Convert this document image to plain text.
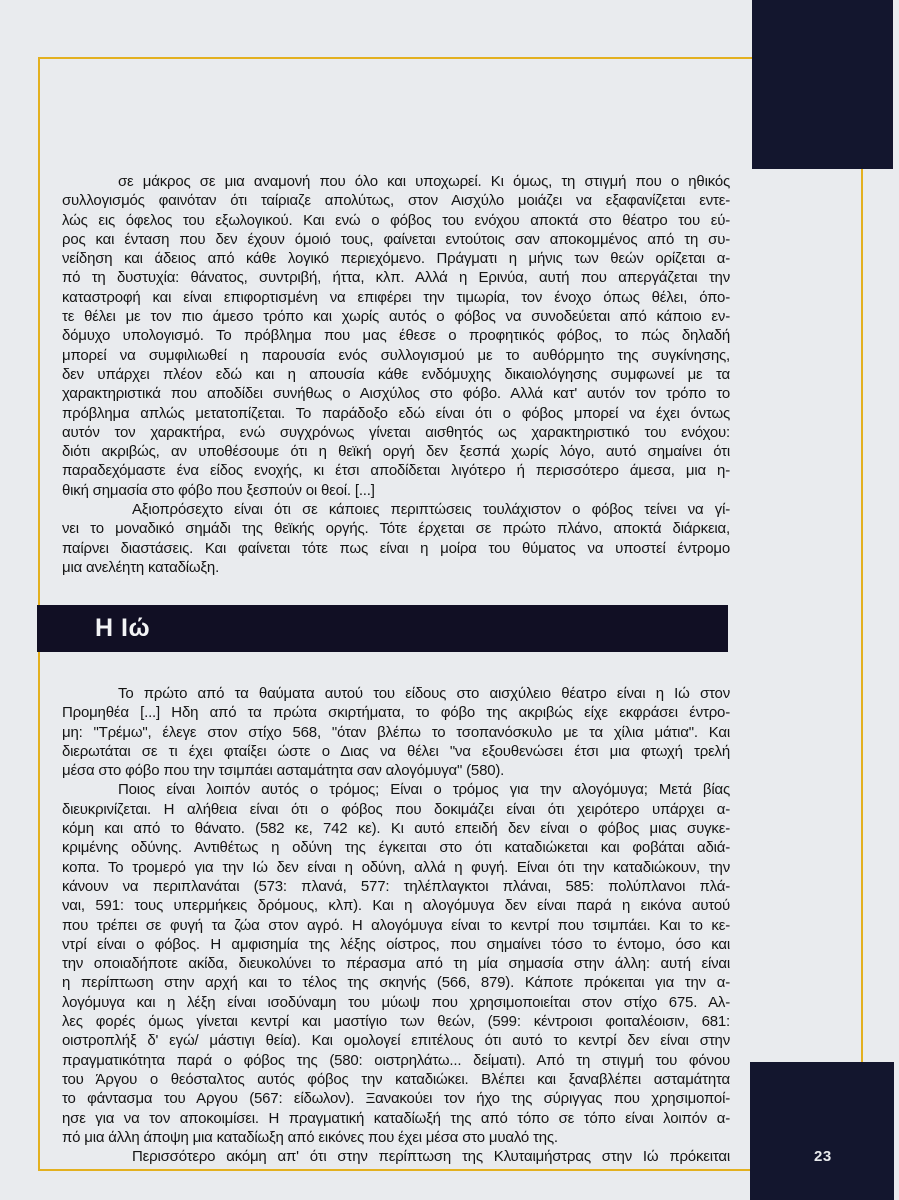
σε μάκρος σε μια αναμονή που όλο και υποχωρεί. Κι όμως, τη στιγμή που ο ηθικός
συλλογισμός φαινόταν ότι ταίριαζε απολύτως, στον Αισχύλο μοιάζει να εξαφανίζεται εντε-
λώς εις όφελος του εξωλογικού. Και ενώ ο φόβος του ενόχου αποκτά στο θέατρο του εύ-
ρος και ένταση που δεν έχουν όμοιό τους, φαίνεται εντούτοις σαν αποκομμένος από τη συ-
νείδηση και άδειος από κάθε λογικό περιεχόμενο. Πράγματι η μήνις των θεών ορίζεται α-
πό τη δυστυχία: θάνατος, συντριβή, ήττα, κλπ. Αλλά η Ερινύα, αυτή που απεργάζεται την
καταστροφή και είναι επιφορτισμένη να επιφέρει την τιμωρία, τον ένοχο όπως θέλει, όπο-
τε θέλει με τον πιο άμεσο τρόπο και χωρίς αυτός ο φόβος να συνοδεύεται από κάποιο εν-
δόμυχο υπολογισμό. Το πρόβλημα που μας έθεσε ο προφητικός φόβος, το πώς δηλαδή
μπορεί να συμφιλιωθεί η παρουσία ενός συλλογισμού με το αυθόρμητο της συγκίνησης,
δεν υπάρχει πλέον εδώ και η απουσία κάθε ενδόμυχης δικαιολόγησης συμφωνεί με τα
χαρακτηριστικά που αποδίδει συνήθως ο Αισχύλος στο φόβο. Αλλά κατ' αυτόν τον τρόπο το
πρόβλημα απλώς μετατοπίζεται. Το παράδοξο εδώ είναι ότι ο φόβος μπορεί να έχει όντως
αυτόν τον χαρακτήρα, ενώ συγχρόνως γίνεται αισθητός ως χαρακτηριστικό του ενόχου:
διότι ακριβώς, αν υποθέσουμε ότι η θεϊκή οργή δεν ξεσπά χωρίς λόγο, αυτό σημαίνει ότι
παραδεχόμαστε ένα είδος ενοχής, κι έτσι αποδίδεται λιγότερο ή περισσότερο άμεσα, μια η-
θική σημασία στο φόβο που ξεσπούν οι θεοί. [...]
Αξιοπρόσεχτο είναι ότι σε κάποιες περιπτώσεις τουλάχιστον ο φόβος τείνει να γί-
νει το μοναδικό σημάδι της θεϊκής οργής. Τότε έρχεται σε πρώτο πλάνο, αποκτά διάρκεια,
παίρνει διαστάσεις. Και φαίνεται τότε πως είναι η μοίρα του θύματος να υποστεί έντρομο
μια ανελέητη καταδίωξη.
Η Ιώ
Το πρώτο από τα θαύματα αυτού του είδους στο αισχύλειο θέατρο είναι η Ιώ στον
Προμηθέα [...] Ηδη από τα πρώτα σκιρτήματα, το φόβο της ακριβώς είχε εκφράσει έντρο-
μη: "Τρέμω", έλεγε στον στίχο 568, "όταν βλέπω το τσοπανόσκυλο με τα χίλια μάτια". Και
διερωτάται σε τι έχει φταίξει ώστε ο Διας να θέλει "να εξουθενώσει έτσι μια φτωχή τρελή
μέσα στο φόβο που την τσιμπάει ασταμάτητα σαν αλογόμυγα" (580).
Ποιος είναι λοιπόν αυτός ο τρόμος; Είναι ο τρόμος για την αλογόμυγα; Μετά βίας
διευκρινίζεται. Η αλήθεια είναι ότι ο φόβος που δοκιμάζει είναι ότι χειρότερο υπάρχει α-
κόμη και από το θάνατο. (582 κε, 742 κε). Κι αυτό επειδή δεν είναι ο φόβος μιας συγκε-
κριμένης οδύνης. Αντιθέτως η οδύνη της έγκειται στο ότι καταδιώκεται και φοβάται αδιά-
κοπα. Το τρομερό για την Ιώ δεν είναι η οδύνη, αλλά η φυγή. Είναι ότι την καταδιώκουν, την
κάνουν να περιπλανάται (573: πλανά, 577: τηλέπλαγκτοι πλάναι, 585: πολύπλανοι πλά-
ναι, 591: τους υπερμήκεις δρόμους, κλπ). Και η αλογόμυγα δεν είναι παρά η εικόνα αυτού
που τρέπει σε φυγή τα ζώα στον αγρό. Η αλογόμυγα είναι το κεντρί που τσιμπάει. Και το κε-
ντρί είναι ο φόβος. Η αμφισημία της λέξης οίστρος, που σημαίνει τόσο το έντομο, όσο και
την οποιαδήποτε ακίδα, διευκολύνει το πέρασμα από τη μία σημασία στην άλλη: αυτή είναι
η περίπτωση στην αρχή και το τέλος της σκηνής (566, 879). Κάποτε πρόκειται για την α-
λογόμυγα και η λέξη είναι ισοδύναμη του μύωψ που χρησιμοποιείται στον στίχο 675. Αλ-
λες φορές όμως γίνεται κεντρί και μαστίγιο των θεών, (599: κέντροισι φοιταλέοισιν, 681:
οιστροπλήξ δ' εγώ/ μάστιγι θεία). Και ομολογεί επιτέλους ότι αυτό το κεντρί δεν είναι στην
πραγματικότητα παρά ο φόβος της (580: οιστρηλάτω... δείματι). Από τη στιγμή του φόνου
του Άργου ο θεόσταλτος αυτός φόβος την καταδιώκει. Βλέπει και ξαναβλέπει ασταμάτητα
το φάντασμα του Αργου (567: είδωλον). Ξανακούει τον ήχο της σύριγγας που χρησιμοποί-
ησε για να τον αποκοιμίσει. Η πραγματική καταδίωξή της από τόπο σε τόπο είναι λοιπόν α-
πό μια άλλη άποψη μια καταδίωξη από εικόνες που έχει μέσα στο μυαλό της.
Περισσότερο ακόμη απ' ότι στην περίπτωση της Κλυταιμήστρας στην Ιώ πρόκειται	23
